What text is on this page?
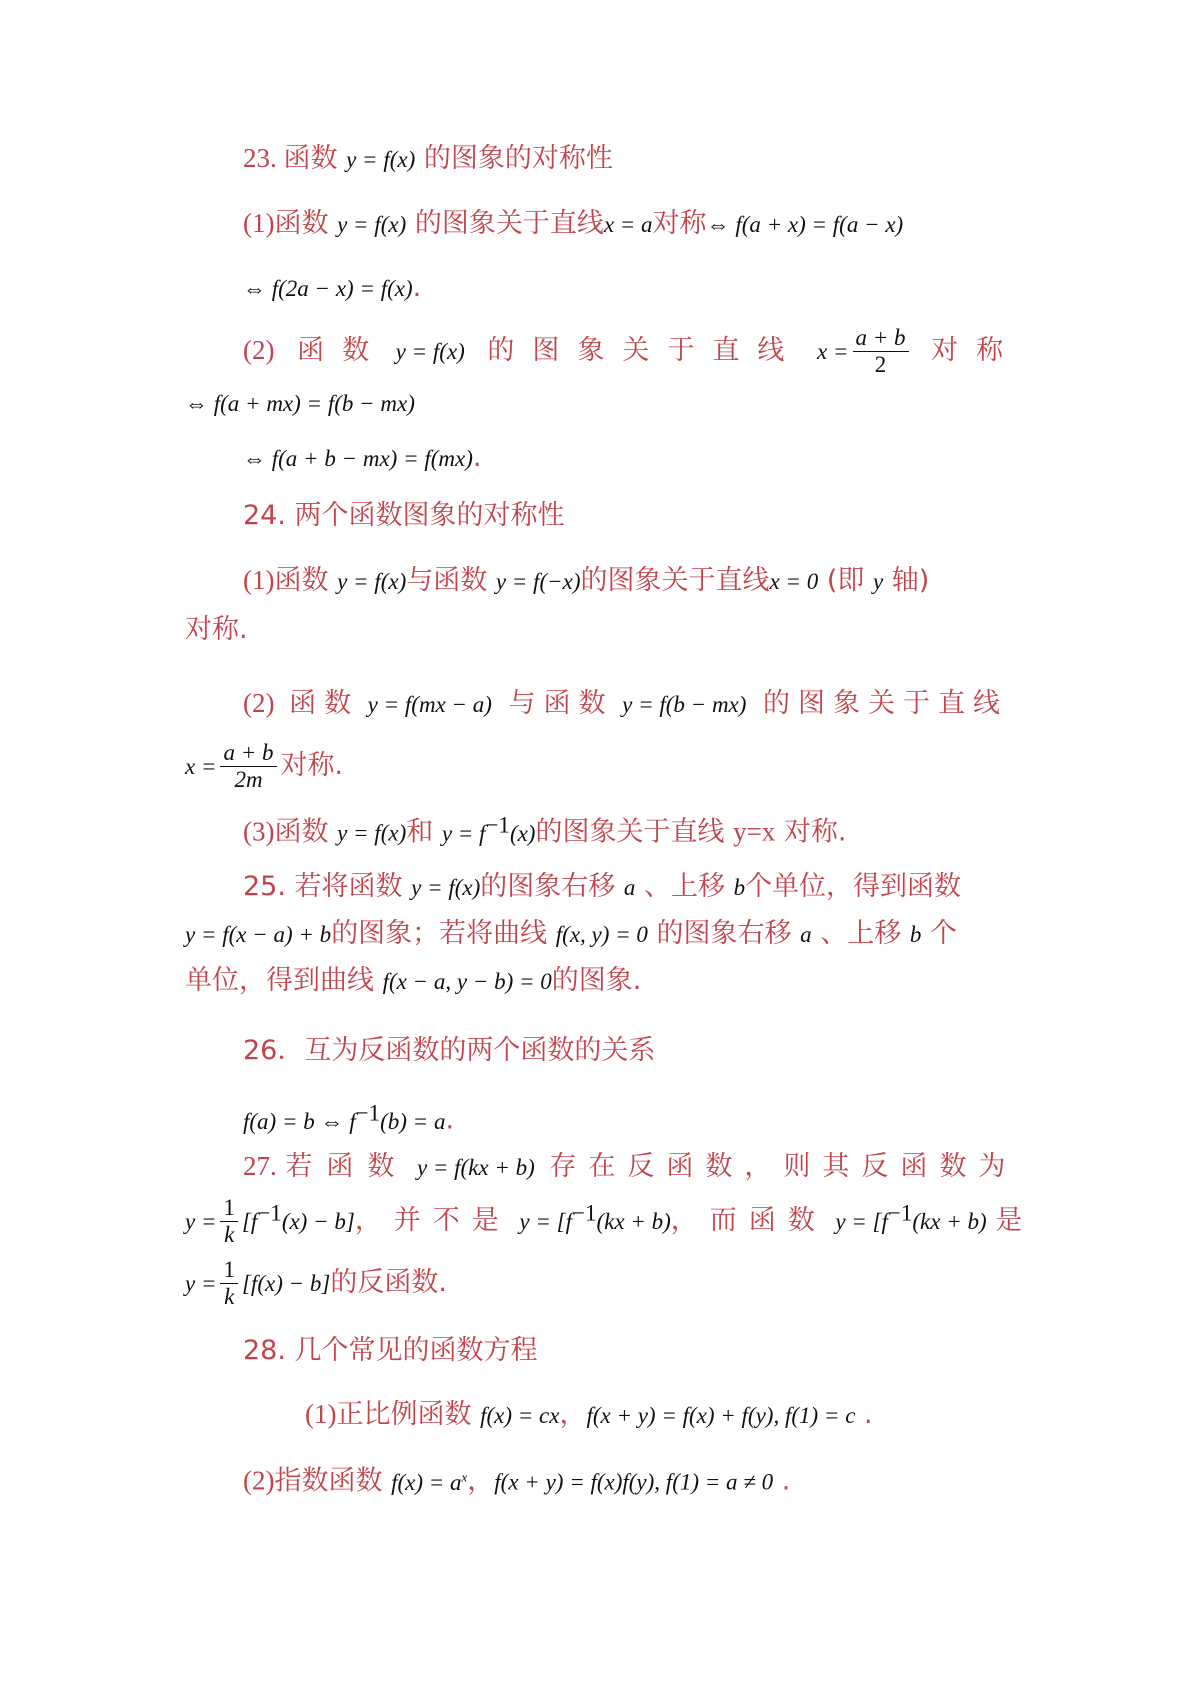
23. 函数 y = f(x) 的图象的对称性
(1)函数 y = f(x) 的图象关于直线x = a对称⇔ f(a + x) = f(a − x)
⇔ f(2a − x) = f(x).
(2) 函数 y = f(x) 的图象关于直线 $x = \frac{a + b}{2}$ 对称
⇔ f(a + mx) = f(b − mx)
⇔ f(a + b − mx) = f(mx).
24. 两个函数图象的对称性
(1)函数 y = f(x)与函数 y = f(−x)的图象关于直线x = 0 (即 y 轴)
对称.
(2) 函数 y = f(mx − a) 与函数 y = f(b − mx) 的图象关于直线
$x = \frac{a + b}{2m}$ 对称.
(3)函数 y = f(x)和 $y = f^{-1}(x)$的图象关于直线 y=x 对称.
25. 若将函数 y = f(x)的图象右移 a 、上移 b个单位，得到函数
y = f(x − a) + b的图象；若将曲线 f(x, y) = 0 的图象右移 a 、上移 b 个
单位，得到曲线 f(x − a, y − b) = 0的图象.
26．互为反函数的两个函数的关系
f(a) = b ⇔ $f^{-1}(b) = a$.
27. 若函数 y = f(kx + b) 存在反函数，则其反函数为
$y = \frac{1}{k} [f^{-1}(x) - b]$，并不是 $y = [f^{-1}(kx + b)$，而函数 $y = [f^{-1}(kx + b)$ 是
$y = \frac{1}{k} [f(x) - b]$的反函数.
28. 几个常见的函数方程
(1)正比例函数 f(x) = cx，f(x + y) = f(x) + f(y), f(1) = c .
(2)指数函数 $f(x) = a^x$，f(x + y) = f(x)f(y), f(1) = a ≠ 0 .
